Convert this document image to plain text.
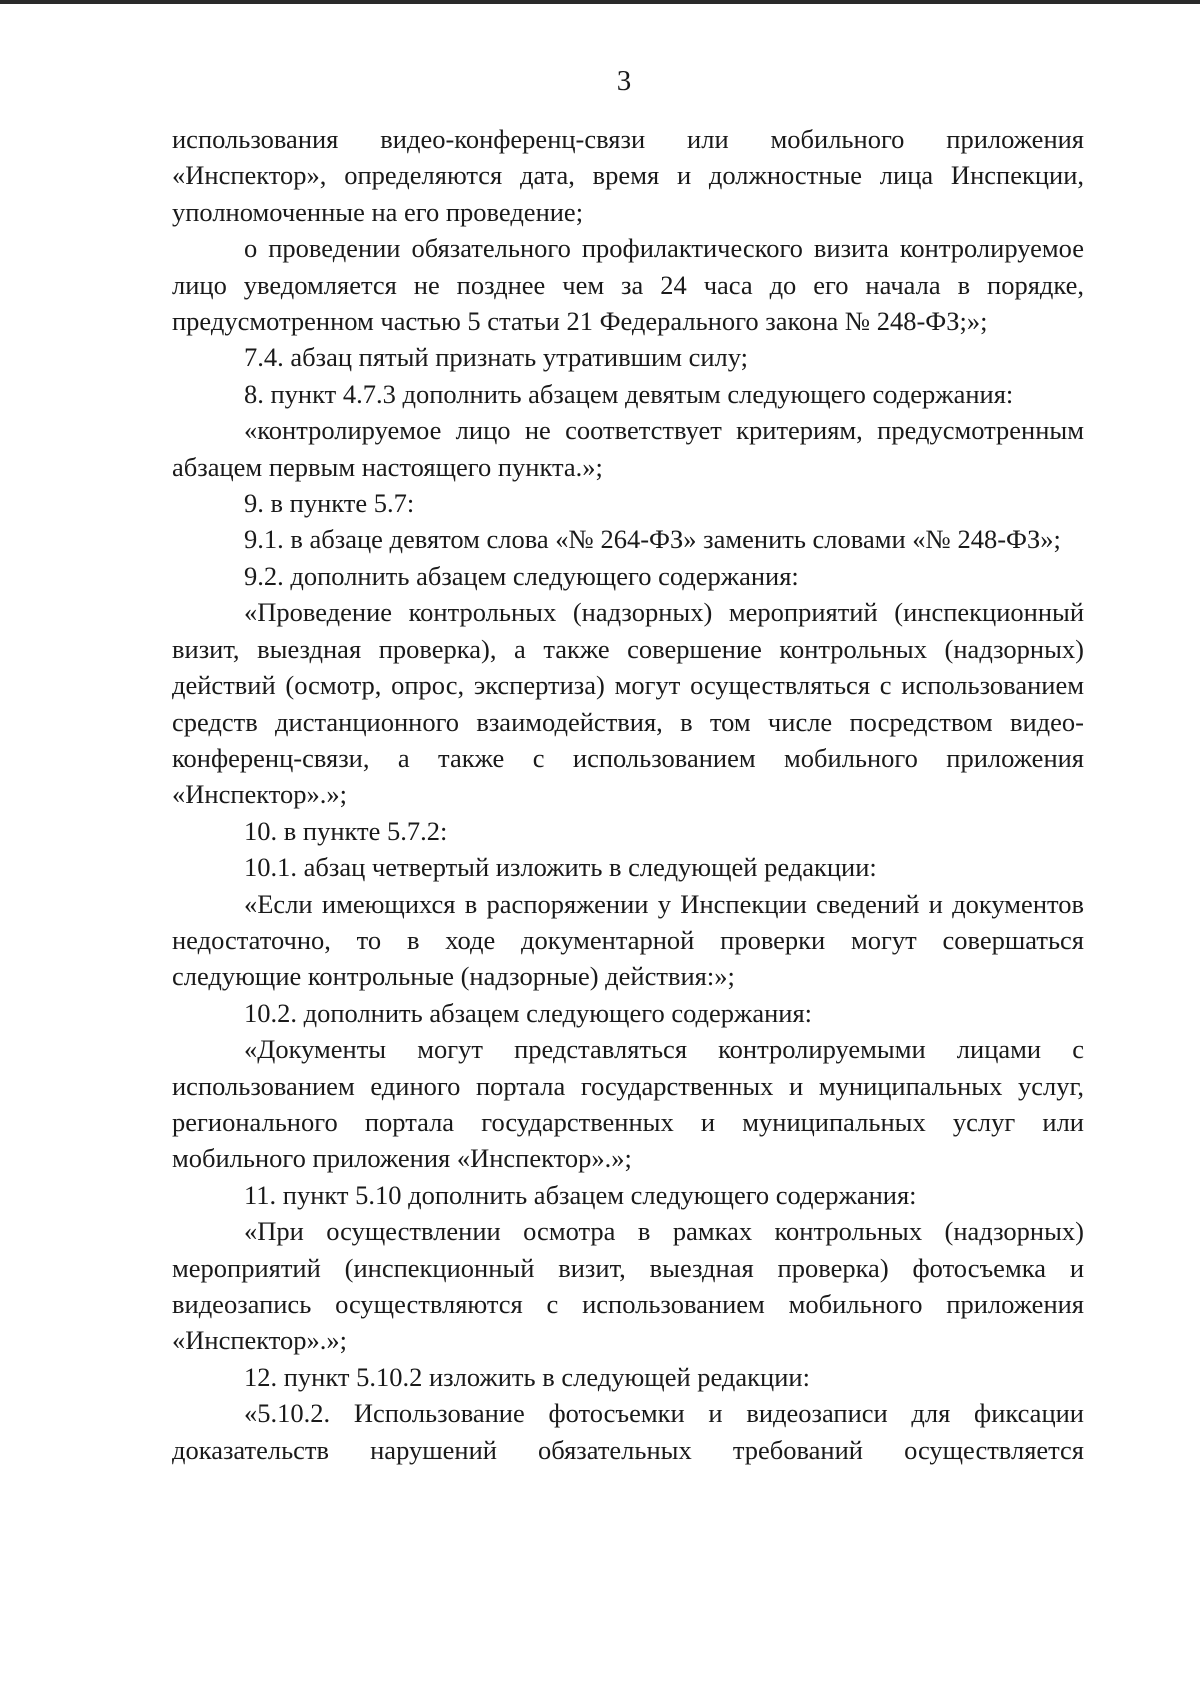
3

использования видео-конференц-связи или мобильного приложения «Инспектор», определяются дата, время и должностные лица Инспекции, уполномоченные на его проведение;

о проведении обязательного профилактического визита контролируемое лицо уведомляется не позднее чем за 24 часа до его начала в порядке, предусмотренном частью 5 статьи 21 Федерального закона № 248-ФЗ;»;

7.4. абзац пятый признать утратившим силу;

8. пункт 4.7.3 дополнить абзацем девятым следующего содержания:

«контролируемое лицо не соответствует критериям, предусмотренным абзацем первым настоящего пункта.»;

9. в пункте 5.7:

9.1. в абзаце девятом слова «№ 264-ФЗ» заменить словами «№ 248-ФЗ»;

9.2. дополнить абзацем следующего содержания:

«Проведение контрольных (надзорных) мероприятий (инспекционный визит, выездная проверка), а также совершение контрольных (надзорных) действий (осмотр, опрос, экспертиза) могут осуществляться с использованием средств дистанционного взаимодействия, в том числе посредством видео-конференц-связи, а также с использованием мобильного приложения «Инспектор».»;

10. в пункте 5.7.2:

10.1. абзац четвертый изложить в следующей редакции:

«Если имеющихся в распоряжении у Инспекции сведений и документов недостаточно, то в ходе документарной проверки могут совершаться следующие контрольные (надзорные) действия:»;

10.2. дополнить абзацем следующего содержания:

«Документы могут представляться контролируемыми лицами с использованием единого портала государственных и муниципальных услуг, регионального портала государственных и муниципальных услуг или мобильного приложения «Инспектор».»;

11. пункт 5.10 дополнить абзацем следующего содержания:

«При осуществлении осмотра в рамках контрольных (надзорных) мероприятий (инспекционный визит, выездная проверка) фотосъемка и видеозапись осуществляются с использованием мобильного приложения «Инспектор».»;

12. пункт 5.10.2 изложить в следующей редакции:

«5.10.2. Использование фотосъемки и видеозаписи для фиксации доказательств нарушений обязательных требований осуществляется
